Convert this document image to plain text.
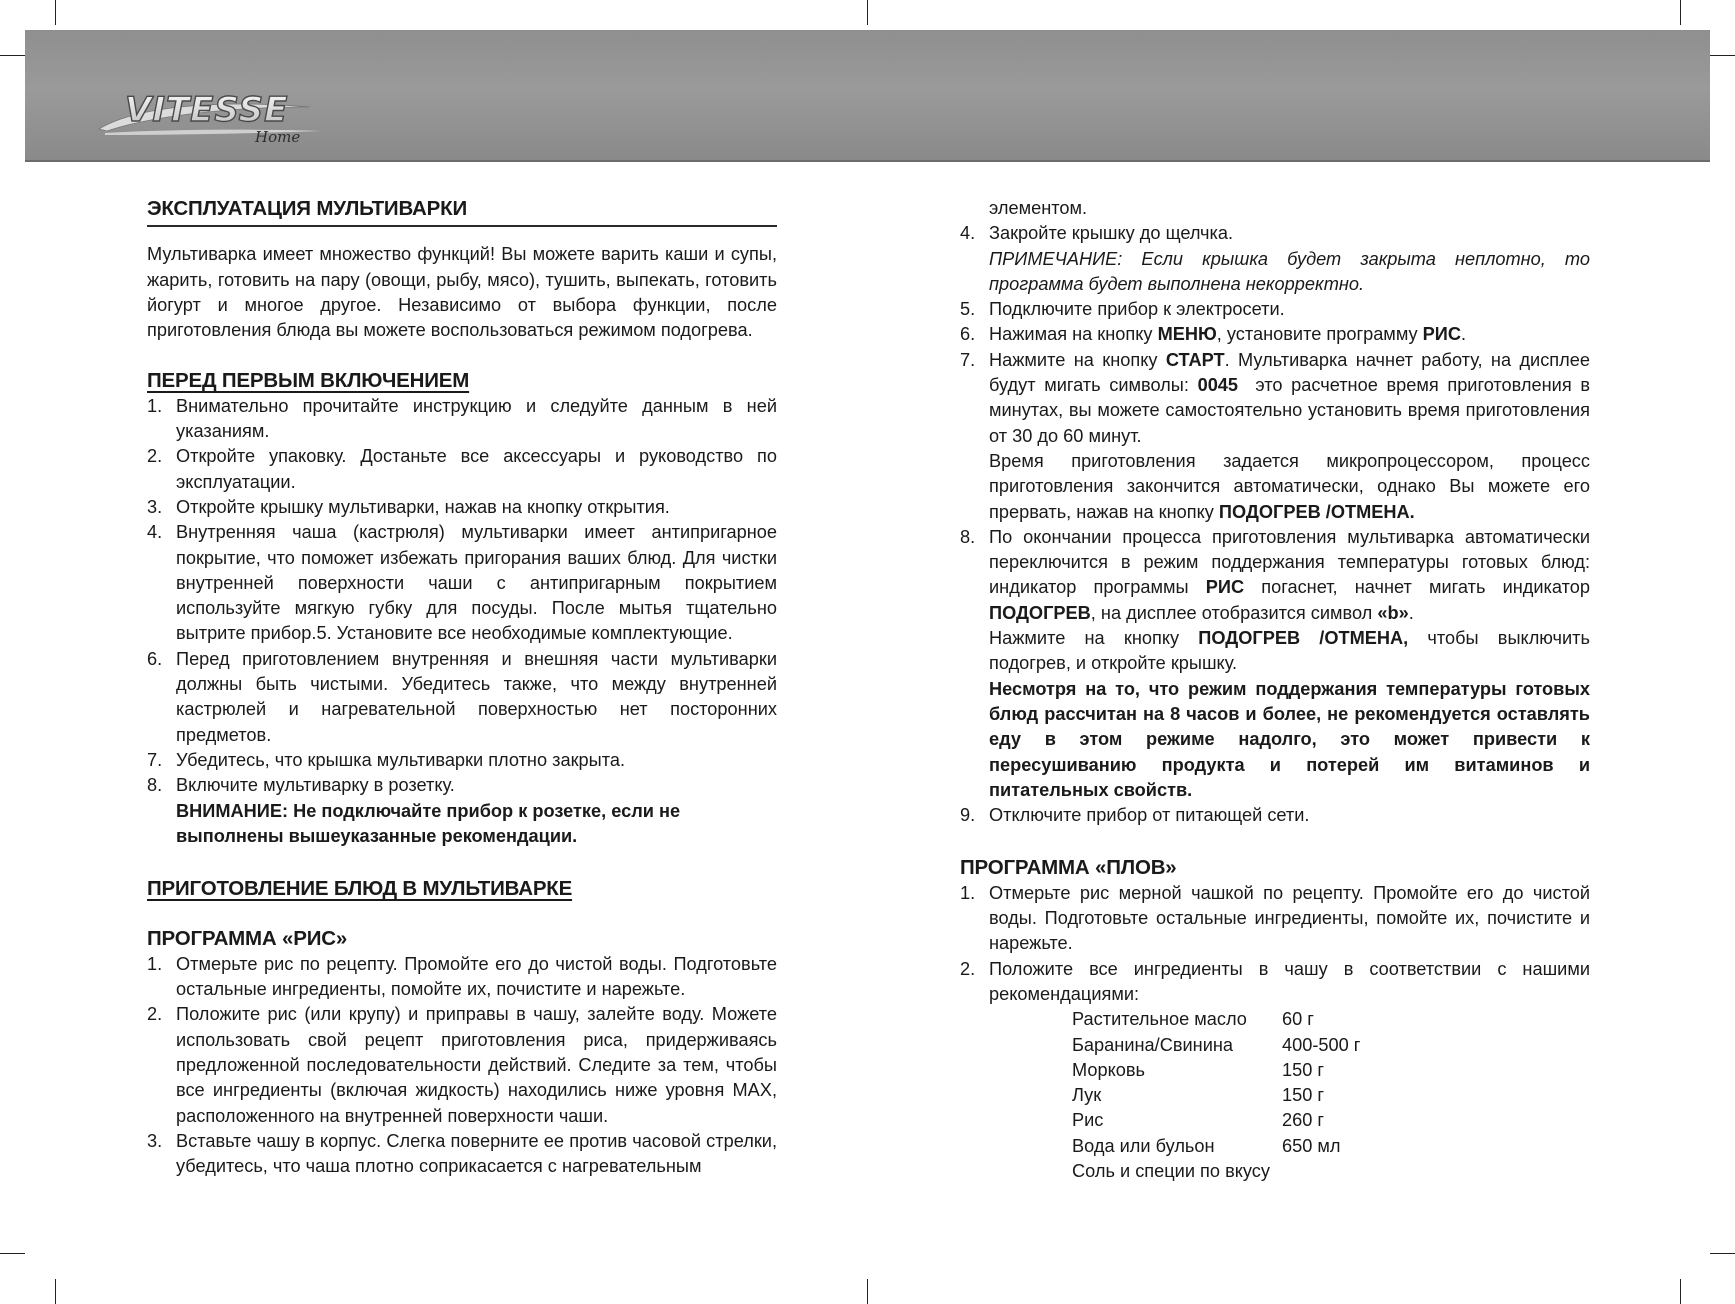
VITESSE
Home
ЭКСПЛУАТАЦИЯ МУЛЬТИВАРКИ

Мультиварка имеет множество функций! Вы можете варить каши и супы, жарить, готовить на пару (овощи, рыбу, мясо), тушить, выпекать, готовить йогурт и многое другое. Независимо от выбора функции, после приготовления блюда вы можете воспользоваться режимом подогрева.

ПЕРЕД ПЕРВЫМ ВКЛЮЧЕНИЕМ
1. Внимательно прочитайте инструкцию и следуйте данным в ней указаниям.
2. Откройте упаковку. Достаньте все аксессуары и руководство по эксплуатации.
3. Откройте крышку мультиварки, нажав на кнопку открытия.
4. Внутренняя чаша (кастрюля) мультиварки имеет антипригарное покрытие, что поможет избежать пригорания ваших блюд. Для чистки внутренней поверхности чаши с антипригарным покрытием используйте мягкую губку для посуды. После мытья тщательно вытрите прибор.5. Установите все необходимые комплектующие.
6. Перед приготовлением внутренняя и внешняя части мультиварки должны быть чистыми. Убедитесь также, что между внутренней кастрюлей и нагревательной поверхностью нет посторонних предметов.
7. Убедитесь, что крышка мультиварки плотно закрыта.
8. Включите мультиварку в розетку.
ВНИМАНИЕ: Не подключайте прибор к розетке, если не выполнены вышеуказанные рекомендации.
ПРИГОТОВЛЕНИЕ БЛЮД В МУЛЬТИВАРКЕ
ПРОГРАММА «РИС»
1. Отмерьте рис по рецепту. Промойте его до чистой воды. Подготовьте остальные ингредиенты, помойте их, почистите и нарежьте.
2. Положите рис (или крупу) и приправы в чашу, залейте воду. Можете использовать свой рецепт приготовления риса, придерживаясь предложенной последовательности действий. Следите за тем, чтобы все ингредиенты (включая жидкость) находились ниже уровня MAX, расположенного на внутренней поверхности чаши.
3. Вставьте чашу в корпус. Слегка поверните ее против часовой стрелки, убедитесь, что чаша плотно соприкасается с нагревательным
элементом.
4. Закройте крышку до щелчка.
ПРИМЕЧАНИЕ: Если крышка будет закрыта неплотно, то программа будет выполнена некорректно.
5. Подключите прибор к электросети.
6. Нажимая на кнопку МЕНЮ, установите программу РИС.
7. Нажмите на кнопку СТАРТ. Мультиварка начнет работу, на дисплее будут мигать символы: 0045  это расчетное время приготовления в минутах, вы можете самостоятельно установить время приготовления от 30 до 60 минут.
Время приготовления задается микропроцессором, процесс приготовления закончится автоматически, однако Вы можете его прервать, нажав на кнопку ПОДОГРЕВ /ОТМЕНА.
8. По окончании процесса приготовления мультиварка автоматически переключится в режим поддержания температуры готовых блюд: индикатор программы РИС погаснет, начнет мигать индикатор ПОДОГРЕВ, на дисплее отобразится символ «b».
Нажмите на кнопку ПОДОГРЕВ /ОТМЕНА, чтобы выключить подогрев, и откройте крышку.
Несмотря на то, что режим поддержания температуры готовых блюд рассчитан на 8 часов и более, не рекомендуется оставлять еду в этом режиме надолго, это может привести к пересушиванию продукта и потерей им витаминов и питательных свойств.
9. Отключите прибор от питающей сети.
ПРОГРАММА «ПЛОВ»
1. Отмерьте рис мерной чашкой по рецепту. Промойте его до чистой воды. Подготовьте остальные ингредиенты, помойте их, почистите и нарежьте.
2. Положите все ингредиенты в чашу в соответствии с нашими рекомендациями:
Растительное масло	60 г
Баранина/Свинина	400-500 г
Морковь	150 г
Лук	150 г
Рис	260 г
Вода или бульон	650 мл
Соль и специи по вкусу
